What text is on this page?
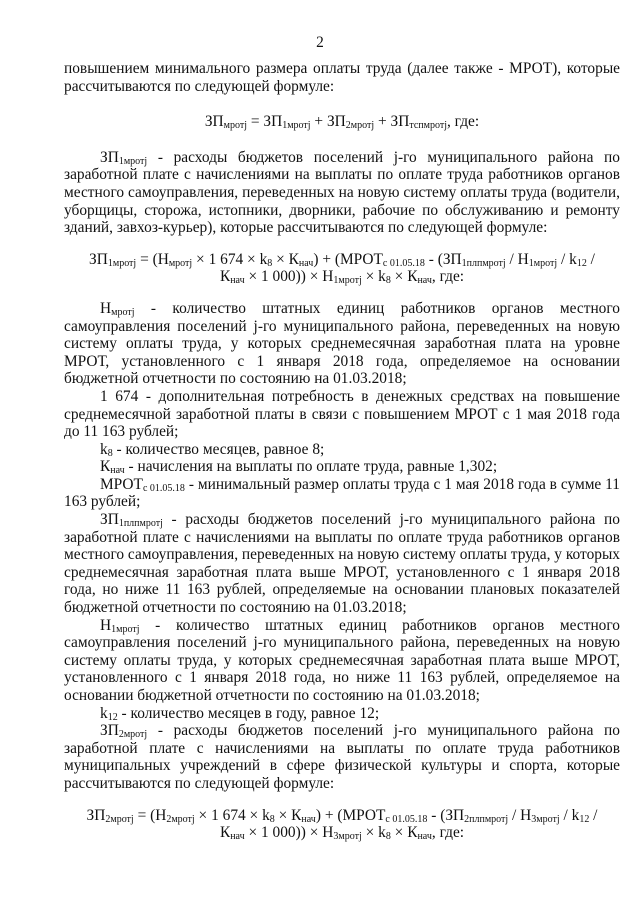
2

повышением минимального размера оплаты труда (далее также - МРОТ), которые рассчитываются по следующей формуле:

$ЗП_{мротj} = ЗП_{1мротj} + ЗП_{2мротj} + ЗП_{тспмротj}$, где:

$ЗП_{1мротj}$ - расходы бюджетов поселений j-го муниципального района по заработной плате с начислениями на выплаты по оплате труда работников органов местного самоуправления, переведенных на новую систему оплаты труда (водители, уборщицы, сторожа, истопники, дворники, рабочие по обслуживанию и ремонту зданий, завхоз-курьер), которые рассчитываются по следующей формуле:

$ЗП_{1мротj} = (Н_{мротj} \times 1$ $674 \times k_8 \times К_{нач}$) + ($МРОТ_{с 01.05.18} - (ЗП_{1плпмротj} / Н_{1мротj} / k_{12} / К_{нач} \times 1$ $000)) \times Н_{1мротj} \times k_8 \times К_{нач}$, где:

$Н_{мротj}$ - количество штатных единиц работников органов местного самоуправления поселений j-го муниципального района, переведенных на новую систему оплаты труда, у которых среднемесячная заработная плата на уровне МРОТ, установленного с 1 января 2018 года, определяемое на основании бюджетной отчетности по состоянию на 01.03.2018;

1 674 - дополнительная потребность в денежных средствах на повышение среднемесячной заработной платы в связи с повышением МРОТ с 1 мая 2018 года до 11 163 рублей;

$k_8$ - количество месяцев, равное 8;

$К_{нач}$ - начисления на выплаты по оплате труда, равные 1,302;

$МРОТ_{с 01.05.18}$ - минимальный размер оплаты труда с 1 мая 2018 года в сумме 11 163 рублей;

$ЗП_{1плпмротj}$ - расходы бюджетов поселений j-го муниципального района по заработной плате с начислениями на выплаты по оплате труда работников органов местного самоуправления, переведенных на новую систему оплаты труда, у которых среднемесячная заработная плата выше МРОТ, установленного с 1 января 2018 года, но ниже 11 163 рублей, определяемые на основании плановых показателей бюджетной отчетности по состоянию на 01.03.2018;

$Н_{1мротj}$ - количество штатных единиц работников органов местного самоуправления поселений j-го муниципального района, переведенных на новую систему оплаты труда, у которых среднемесячная заработная плата выше МРОТ, установленного с 1 января 2018 года, но ниже 11 163 рублей, определяемое на основании бюджетной отчетности по состоянию на 01.03.2018;

$k_{12}$ - количество месяцев в году, равное 12;

$ЗП_{2мротj}$ - расходы бюджетов поселений j-го муниципального района по заработной плате с начислениями на выплаты по оплате труда работников муниципальных учреждений в сфере физической культуры и спорта, которые рассчитываются по следующей формуле:

$ЗП_{2мротj} = (Н_{2мротj} \times 1$ $674 \times k_8 \times К_{нач}$) + ($МРОТ_{с 01.05.18} - (ЗП_{2плпмротj} / Н_{3мротj} / k_{12} / К_{нач} \times 1$ $000)) \times Н_{3мротj} \times k_8 \times К_{нач}$, где:
